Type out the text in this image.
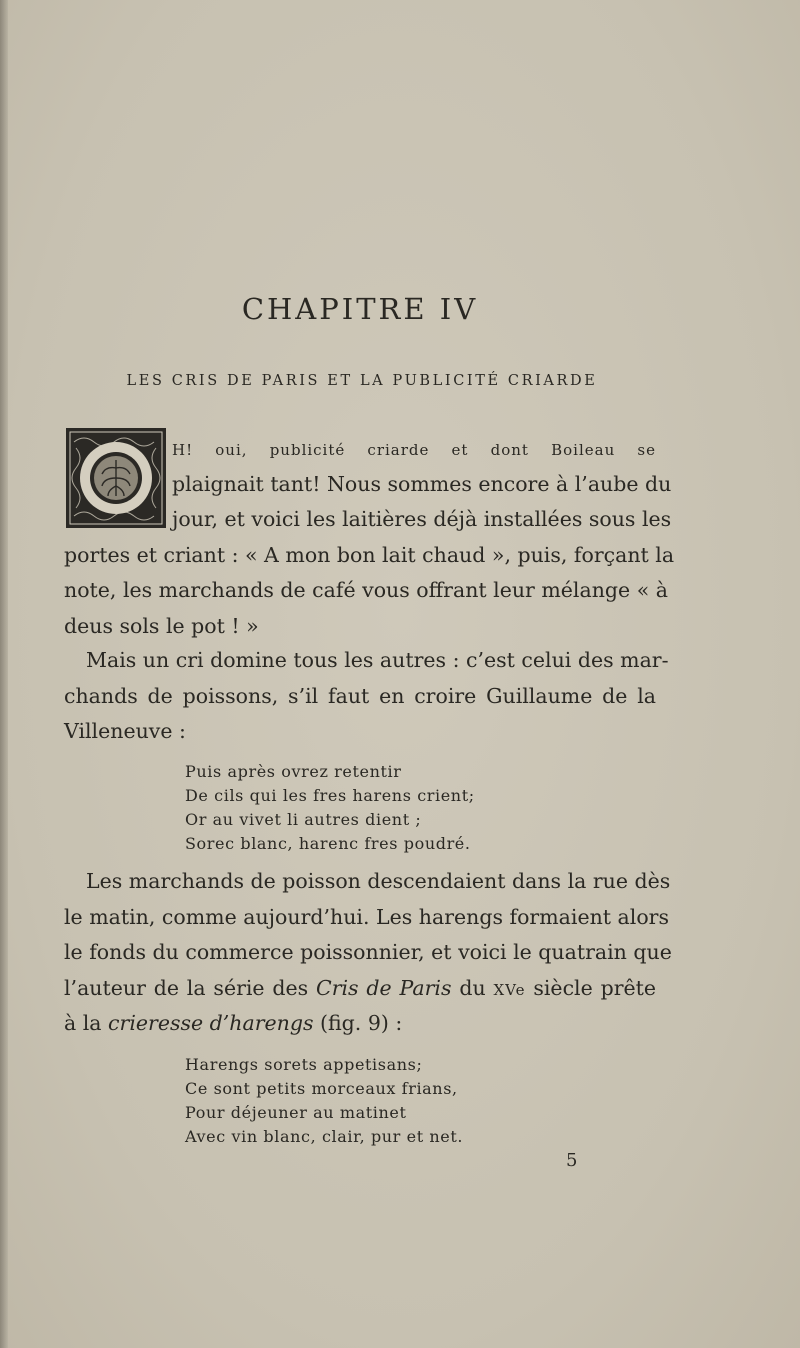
CHAPITRE IV
LES CRIS DE PARIS ET LA PUBLICITÉ CRIARDE
H! oui, publicité criarde et dont Boileau se
plaignait tant! Nous sommes encore à l’aube du
jour, et voici les laitières déjà installées sous les
portes et criant : « A mon bon lait chaud », puis, forçant la
note, les marchands de café vous offrant leur mélange « à
deus sols le pot ! »
Mais un cri domine tous les autres : c’est celui des mar-
chands de poissons, s’il faut en croire Guillaume de la
Villeneuve :
Puis après ovrez retentir
De cils qui les fres harens crient;
Or au vivet li autres dient ;
Sorec blanc, harenc fres poudré.
Les marchands de poisson descendaient dans la rue dès
le matin, comme aujourd’hui. Les harengs formaient alors
le fonds du commerce poissonnier, et voici le quatrain que
l’auteur de la série des Cris de Paris du XVe siècle prête
à la crieresse d’harengs (fig. 9) :
Harengs sorets appetisans;
Ce sont petits morceaux frians,
Pour déjeuner au matinet
Avec vin blanc, clair, pur et net.
5
